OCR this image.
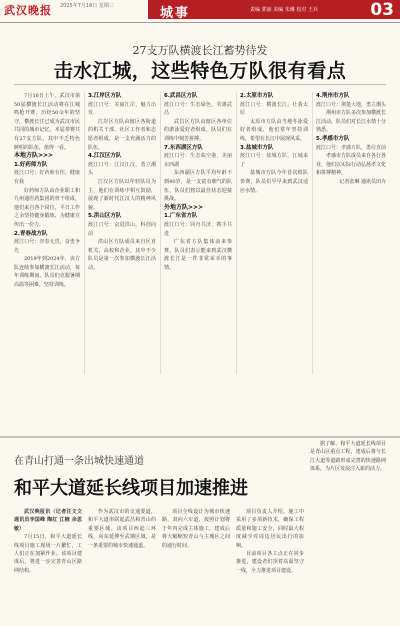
武汉晚报 2025年7月16日 星期三	城事	责编 郭丽 美编 朱琳 校对 王兵	03
27支万队横渡长江蓄势待发
击水江城，这些特色万队很有看点

7月16日上午，武汉市第50届横渡长江活动将在江城鸣枪开赛。历经50余年的坚守，横渡长江已成为武汉市民共同的城市记忆。本届参赛共有27支方队，其中不乏特色鲜明的队伍，值得一看。

本地方队>>>

1.好药师方队

渡江口号：好药师有你，健康有我

好药师方队由企业职工和九州通医药集团的骨干组成，他们来自各个岗位，平日工作之余坚持健身锻炼，为健康宣传出一份力。

2.青春战方队

渡江口号：青春无畏，奋勇争先

2019年到2024年，该方队连续参加横渡长江活动，每年训练期间，队员们克服暑期高温等困难，坚持训练。

3.江岸区方队

渡江口号：美丽江岸，魅力出发

江岸区方队由辖区各街道的机关干部、社区工作者和志愿者组成，是一支充满活力的队伍。

4.江汉区方队

渡江口号：江汉江汉，勇立潮头

江汉区方队以年轻队员为主，他们在训练中相互鼓励，展现了新时代江汉人的精神风貌。

5.洪山区方队

渡江口号：奋进洪山，科创向前

洪山区方队成员来自区直机关、高校和企业，其中不少队员是第一次参加横渡长江活动。

6.武昌区方队

渡江口号：生态绿色，英雄武昌

武昌区方队由辖区各单位的游泳爱好者组成，队员们在训练中刻苦拼搏。

7.东西湖区方队

渡江口号：生态临空港，美丽东西湖

东西湖区方队平均年龄不到40岁，是一支富有朝气的队伍，队员们将以最佳状态迎接挑战。

外地方队>>>

1.广东省方队

渡江口号：同舟共济，携手共进

广东省方队集体前来参赛，队员们表示能来到武汉横渡长江是一件非常荣幸的事情。

2.太原市方队

渡江口号：横渡长江，壮我太原

太原市方队由当地冬泳爱好者组成，他们常年坚持训练，希望在长江中展现风采。

3.盐城市方队

渡江口号：盐城方队，江城来了

盐城市方队今年首次组队参赛，队员们早早来到武汉适应水情。

4.荆州市方队

渡江口号：荆楚大地，勇立潮头

荆州市方队多次参加横渡长江活动，队员们对长江水情十分熟悉。

5.孝感市方队

渡江口号：孝感方队，勇往直前

孝感市方队成员来自各行各业，他们以实际行动弘扬孝文化和拼搏精神。

记者张琳 通讯员田卉

在青山打通一条出城快速通道
和平大道延长线项目加速推进

武汉晚报讯（记者汪文文 通讯员李国峰 陶红 江楠 余思敏）

7月15日，和平大道延长线项目施工现场一片繁忙，工人们正在加紧作业。该项目建成后，将进一步完善青山区路网结构。

作为武汉市的交通要道，和平大道串联起武昌和青山的重要区域。该项目西起三环线，向东延伸至武钢区域，是一条重要的城市快速通道。

项目全线设计为城市快速路，双向六车道，按照计划将于年内完成主体施工，建成后将大幅缩短青山与主城区之间的通行时间。

项目负责人介绍，施工中采用了多项新技术，确保工程质量和施工安全，同时最大程度减少对周边居民出行的影响。

目前项目各工点正在同步推进，建设者们顶着高温坚守一线，全力推进项目建设。

据了解，和平大道延长线项目是青山区重点工程，建成后将与长江大道等道路形成完善的快速路网体系，为片区发展注入新的活力。
